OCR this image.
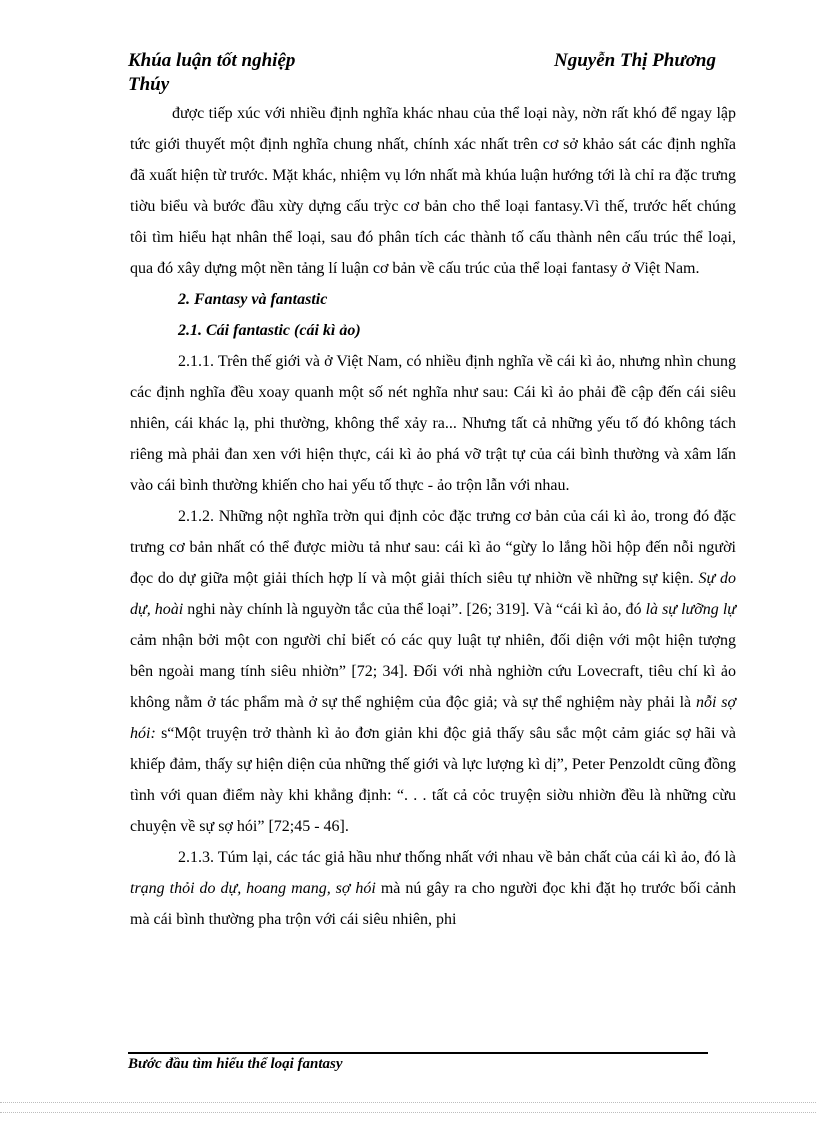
Khúa luận tốt nghiệp	Nguyễn Thị Phương
Thúy

được tiếp xúc với nhiều định nghĩa khác nhau của thể loại này, nờn rất khó để ngay lập tức giới thuyết một định nghĩa chung nhất, chính xác nhất trên cơ sở khảo sát các định nghĩa đã xuất hiện từ trước. Mặt khác, nhiệm vụ lớn nhất mà khúa luận hướng tới là chỉ ra đặc trưng tiờu biểu và bước đầu xừy dựng cấu trỳc cơ bản cho thể loại fantasy.Vì thế, trước hết chúng tôi tìm hiểu hạt nhân thể loại, sau đó phân tích các thành tố cấu thành nên cấu trúc thể loại, qua đó xây dựng một nền tảng lí luận cơ bản về cấu trúc của thể loại fantasy ở Việt Nam.

2. Fantasy và fantastic

2.1. Cái fantastic (cái kì ảo)

2.1.1. Trên thế giới và ở Việt Nam, có nhiều định nghĩa về cái kì ảo, nhưng nhìn chung các định nghĩa đều xoay quanh một số nét nghĩa như sau: Cái kì ảo phải đề cập đến cái siêu nhiên, cái khác lạ, phi thường, không thể xảy ra... Nhưng tất cả những yếu tố đó không tách riêng mà phải đan xen với hiện thực, cái kì ảo phá vỡ trật tự của cái bình thường và xâm lấn vào cái bình thường khiến cho hai yếu tố thực - ảo trộn lẫn với nhau.

2.1.2. Những nột nghĩa trờn qui định cỏc đặc trưng cơ bản của cái kì ảo, trong đó đặc trưng cơ bản nhất có thể được miờu tả như sau: cái kì ảo “gừy lo lắng hồi hộp đến nỗi người đọc do dự giữa một giải thích hợp lí và một giải thích siêu tự nhiờn về những sự kiện. Sự do dự, hoài nghi này chính là nguyờn tắc của thể loại”. [26; 319]. Và “cái kì ảo, đó là sự lưỡng lự cảm nhận bởi một con người chỉ biết có các quy luật tự nhiên, đối diện với một hiện tượng bên ngoài mang tính siêu nhiờn” [72; 34]. Đối với nhà nghiờn cứu Lovecraft, tiêu chí kì ảo không nằm ở tác phẩm mà ở sự thể nghiệm của độc giả; và sự thể nghiệm này phải là nỗi sợ hói: s“Một truyện trở thành kì ảo đơn giản khi độc giả thấy sâu sắc một cảm giác sợ hãi và khiếp đảm, thấy sự hiện diện của những thế giới và lực lượng kì dị”, Peter Penzoldt cũng đồng tình với quan điểm này khi khẳng định: “. . . tất cả cỏc truyện siờu nhiờn đều là những cừu chuyện về sự sợ hói” [72;45 - 46].

2.1.3. Túm lại, các tác giả hầu như thống nhất với nhau về bản chất của cái kì ảo, đó là trạng thỏi do dự, hoang mang, sợ hói mà nú gây ra cho người đọc khi đặt họ trước bối cảnh mà cái bình thường pha trộn với cái siêu nhiên, phi

Bước đầu tìm hiểu thể loại fantasy
